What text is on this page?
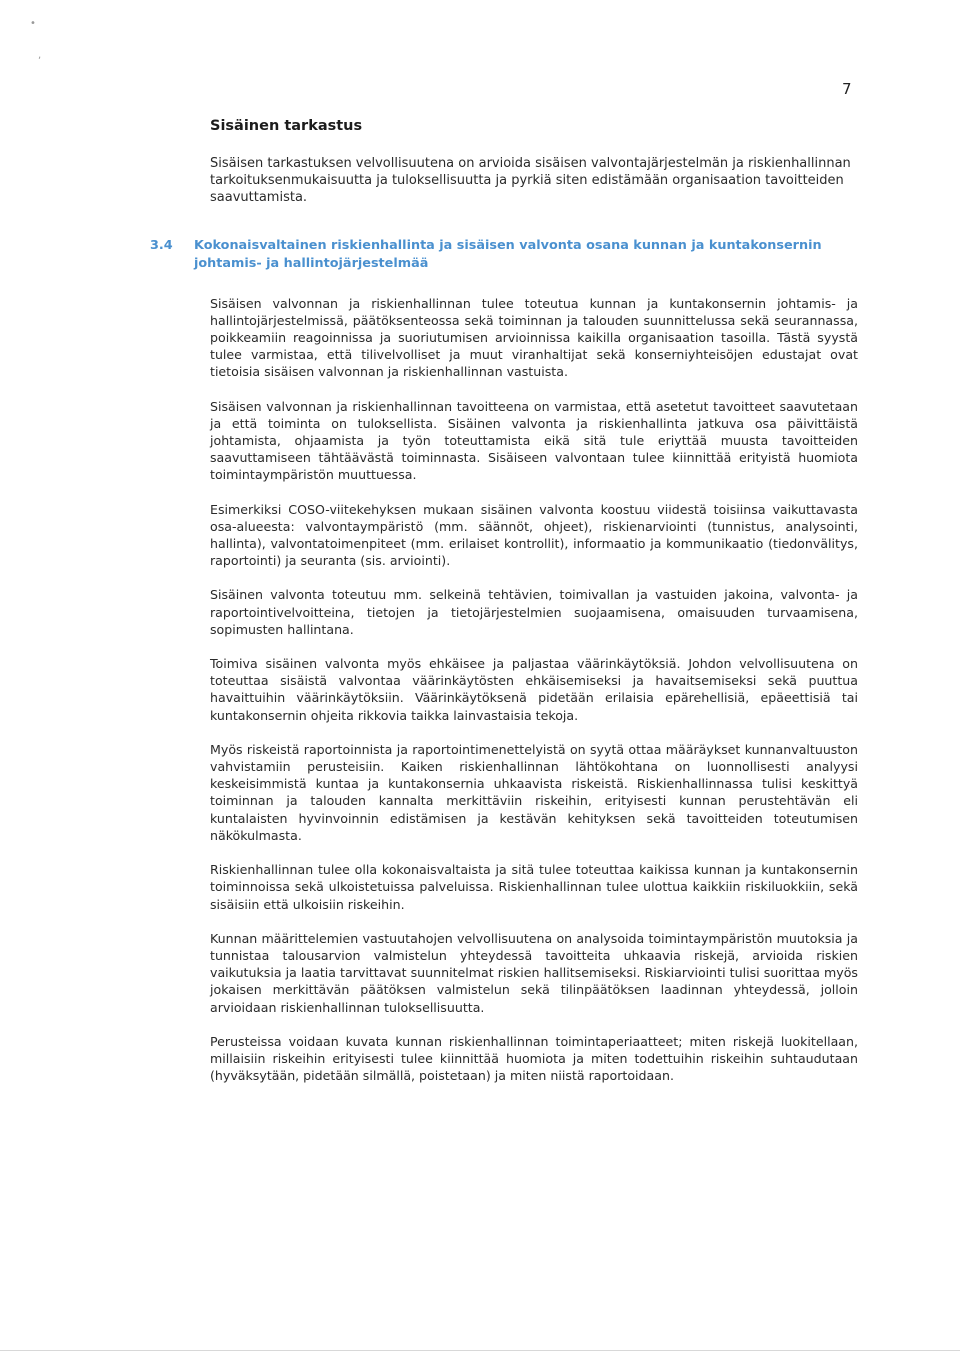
•
,
7
Sisäinen tarkastus

Sisäisen tarkastuksen velvollisuutena on arvioida sisäisen valvontajärjestelmän ja riskienhallinnan tarkoituksenmukaisuutta ja tuloksellisuutta ja pyrkiä siten edistämään organisaation tavoitteiden saavuttamista.

3.4	Kokonaisvaltainen riskienhallinta ja sisäisen valvonta osana kunnan ja kuntakonsernin johtamis- ja hallintojärjestelmää

Sisäisen valvonnan ja riskienhallinnan tulee toteutua kunnan ja kuntakonsernin johtamis- ja hallintojärjestelmissä, päätöksenteossa sekä toiminnan ja talouden suunnittelussa sekä seurannassa, poikkeamiin reagoinnissa ja suoriutumisen arvioinnissa kaikilla organisaation tasoilla. Tästä syystä tulee varmistaa, että tilivelvolliset ja muut viranhaltijat sekä konserniyhteisöjen edustajat ovat tietoisia sisäisen valvonnan ja riskienhallinnan vastuista.

Sisäisen valvonnan ja riskienhallinnan tavoitteena on varmistaa, että asetetut tavoitteet saavutetaan ja että toiminta on tuloksellista. Sisäinen valvonta ja riskienhallinta jatkuva osa päivittäistä johtamista, ohjaamista ja työn toteuttamista eikä sitä tule eriyttää muusta tavoitteiden saavuttamiseen tähtäävästä toiminnasta. Sisäiseen valvontaan tulee kiinnittää erityistä huomiota toimintaympäristön muuttuessa.

Esimerkiksi COSO-viitekehyksen mukaan sisäinen valvonta koostuu viidestä toisiinsa vaikuttavasta osa-alueesta: valvontaympäristö (mm. säännöt, ohjeet), riskienarviointi (tunnistus, analysointi, hallinta), valvontatoimenpiteet (mm. erilaiset kontrollit), informaatio ja kommunikaatio (tiedonvälitys, raportointi) ja seuranta (sis. arviointi).

Sisäinen valvonta toteutuu mm. selkeinä tehtävien, toimivallan ja vastuiden jakoina, valvonta- ja raportointivelvoitteina, tietojen ja tietojärjestelmien suojaamisena, omaisuuden turvaamisena, sopimusten hallintana.

Toimiva sisäinen valvonta myös ehkäisee ja paljastaa väärinkäytöksiä. Johdon velvollisuutena on toteuttaa sisäistä valvontaa väärinkäytösten ehkäisemiseksi ja havaitsemiseksi sekä puuttua havaittuihin väärinkäytöksiin. Väärinkäytöksenä pidetään erilaisia epärehellisiä, epäeettisiä tai kuntakonsernin ohjeita rikkovia taikka lainvastaisia tekoja.

Myös riskeistä raportoinnista ja raportointimenettelyistä on syytä ottaa määräykset kunnanvaltuuston vahvistamiin perusteisiin. Kaiken riskienhallinnan lähtökohtana on luonnollisesti analyysi keskeisimmistä kuntaa ja kuntakonsernia uhkaavista riskeistä. Riskienhallinnassa tulisi keskittyä toiminnan ja talouden kannalta merkittäviin riskeihin, erityisesti kunnan perustehtävän eli kuntalaisten hyvinvoinnin edistämisen ja kestävän kehityksen sekä tavoitteiden toteutumisen näkökulmasta.

Riskienhallinnan tulee olla kokonaisvaltaista ja sitä tulee toteuttaa kaikissa kunnan ja kuntakonsernin toiminnoissa sekä ulkoistetuissa palveluissa. Riskienhallinnan tulee ulottua kaikkiin riskiluokkiin, sekä sisäisiin että ulkoisiin riskeihin.

Kunnan määrittelemien vastuutahojen velvollisuutena on analysoida toimintaympäristön muutoksia ja tunnistaa talousarvion valmistelun yhteydessä tavoitteita uhkaavia riskejä, arvioida riskien vaikutuksia ja laatia tarvittavat suunnitelmat riskien hallitsemiseksi. Riskiarviointi tulisi suorittaa myös jokaisen merkittävän päätöksen valmistelun sekä tilinpäätöksen laadinnan yhteydessä, jolloin arvioidaan riskienhallinnan tuloksellisuutta.

Perusteissa voidaan kuvata kunnan riskienhallinnan toimintaperiaatteet; miten riskejä luokitellaan, millaisiin riskeihin erityisesti tulee kiinnittää huomiota ja miten todettuihin riskeihin suhtaudutaan (hyväksytään, pidetään silmällä, poistetaan) ja miten niistä raportoidaan.
